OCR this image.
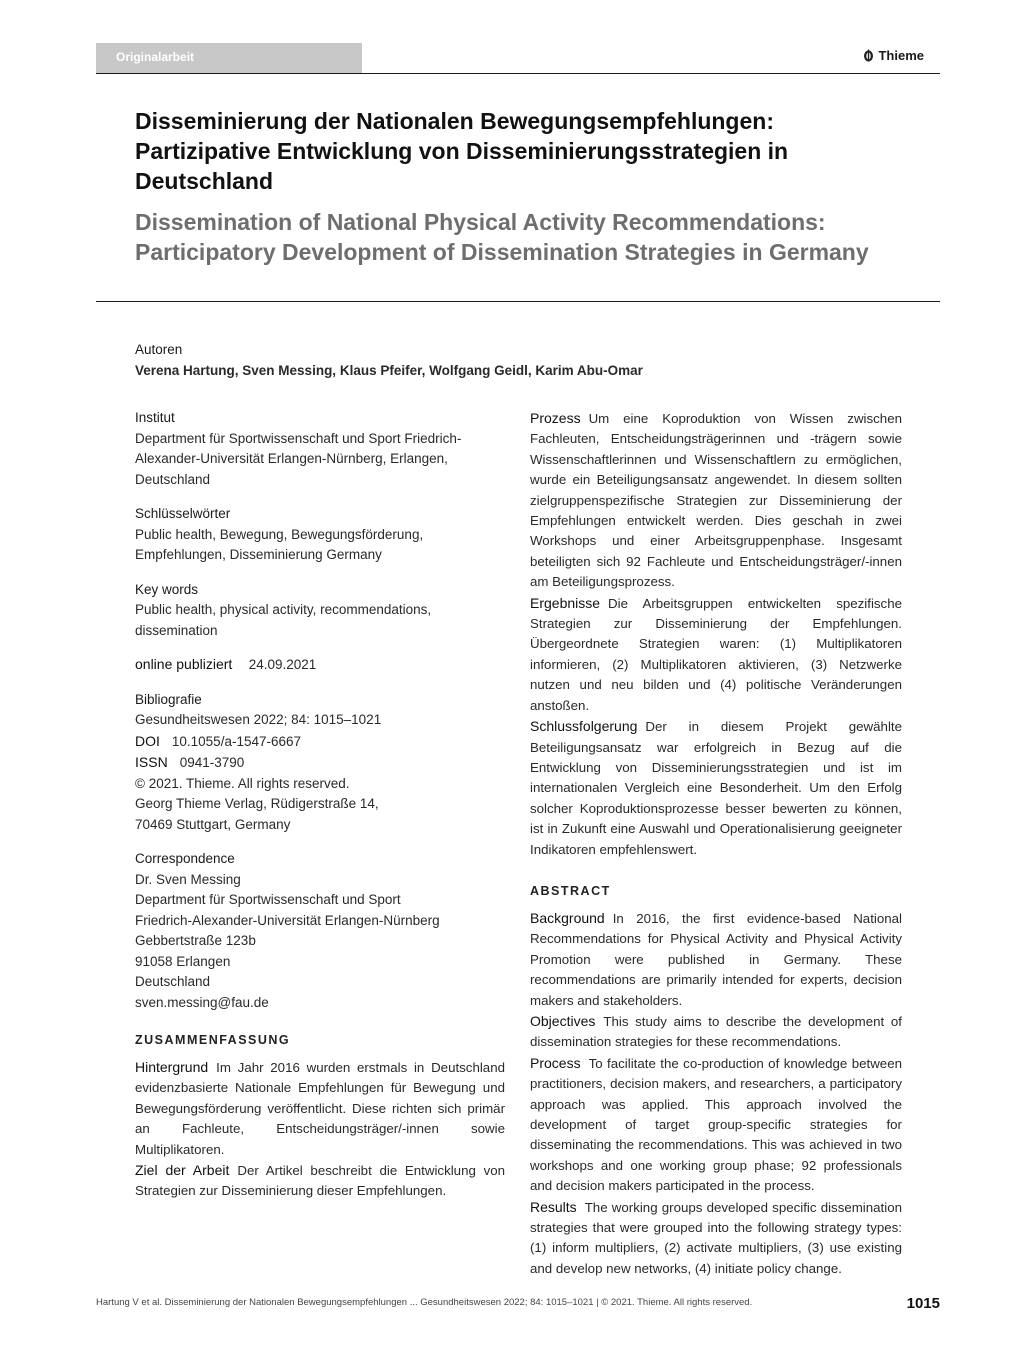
Originalarbeit	Thieme
Disseminierung der Nationalen Bewegungsempfehlungen: Partizipative Entwicklung von Disseminierungsstrategien in Deutschland
Dissemination of National Physical Activity Recommendations: Participatory Development of Dissemination Strategies in Germany
Autoren
Verena Hartung, Sven Messing, Klaus Pfeifer, Wolfgang Geidl, Karim Abu-Omar
Institut
Department für Sportwissenschaft und Sport Friedrich-
Alexander-Universität Erlangen-Nürnberg, Erlangen,
Deutschland
Schlüsselwörter
Public health, Bewegung, Bewegungsförderung,
Empfehlungen, Disseminierung Germany
Key words
Public health, physical activity, recommendations,
dissemination
online publiziert 24.09.2021
Bibliografie
Gesundheitswesen 2022; 84: 1015–1021
DOI 10.1055/a-1547-6667
ISSN 0941-3790
© 2021. Thieme. All rights reserved.
Georg Thieme Verlag, Rüdigerstraße 14,
70469 Stuttgart, Germany
Correspondence
Dr. Sven Messing
Department für Sportwissenschaft und Sport
Friedrich-Alexander-Universität Erlangen-Nürnberg
Gebbertstraße 123b
91058 Erlangen
Deutschland
sven.messing@fau.de
ZUSAMMENFASSUNG

Hintergrund Im Jahr 2016 wurden erstmals in Deutschland evidenzbasierte Nationale Empfehlungen für Bewegung und Bewegungsförderung veröffentlicht. Diese richten sich primär an Fachleute, Entscheidungsträger/-innen sowie Multiplikatoren.

Ziel der Arbeit Der Artikel beschreibt die Entwicklung von Strategien zur Disseminierung dieser Empfehlungen.

Prozess Um eine Koproduktion von Wissen zwischen Fachleuten, Entscheidungsträgerinnen und -trägern sowie Wissenschaftlerinnen und Wissenschaftlern zu ermöglichen, wurde ein Beteiligungsansatz angewendet. In diesem sollten zielgruppenspezifische Strategien zur Disseminierung der Empfehlungen entwickelt werden. Dies geschah in zwei Workshops und einer Arbeitsgruppenphase. Insgesamt beteiligten sich 92 Fachleute und Entscheidungsträger/-innen am Beteiligungsprozess.

Ergebnisse Die Arbeitsgruppen entwickelten spezifische Strategien zur Disseminierung der Empfehlungen. Übergeordnete Strategien waren: (1) Multiplikatoren informieren, (2) Multiplikatoren aktivieren, (3) Netzwerke nutzen und neu bilden und (4) politische Veränderungen anstoßen.

Schlussfolgerung Der in diesem Projekt gewählte Beteiligungsansatz war erfolgreich in Bezug auf die Entwicklung von Disseminierungsstrategien und ist im internationalen Vergleich eine Besonderheit. Um den Erfolg solcher Koproduktionsprozesse besser bewerten zu können, ist in Zukunft eine Auswahl und Operationalisierung geeigneter Indikatoren empfehlenswert.

ABSTRACT

Background In 2016, the first evidence-based National Recommendations for Physical Activity and Physical Activity Promotion were published in Germany. These recommendations are primarily intended for experts, decision makers and stakeholders.

Objectives This study aims to describe the development of dissemination strategies for these recommendations.

Process To facilitate the co-production of knowledge between practitioners, decision makers, and researchers, a participatory approach was applied. This approach involved the development of target group-specific strategies for disseminating the recommendations. This was achieved in two workshops and one working group phase; 92 professionals and decision makers participated in the process.

Results The working groups developed specific dissemination strategies that were grouped into the following strategy types: (1) inform multipliers, (2) activate multipliers, (3) use existing and develop new networks, (4) initiate policy change.

Hartung V et al. Disseminierung der Nationalen Bewegungsempfehlungen ... Gesundheitswesen 2022; 84: 1015–1021 | © 2021. Thieme. All rights reserved.	1015
